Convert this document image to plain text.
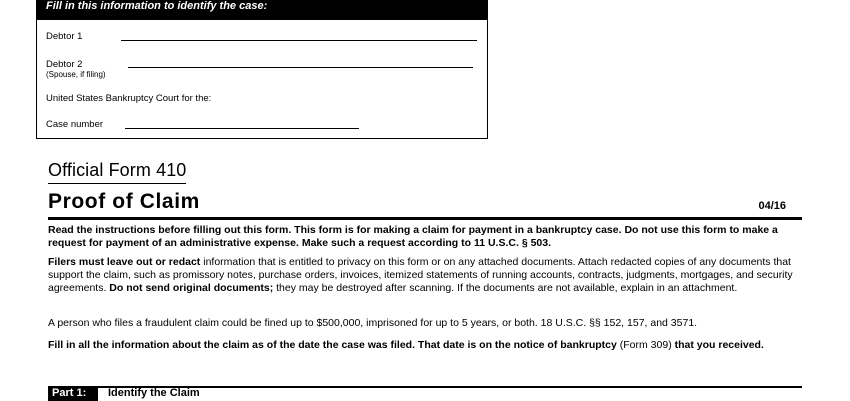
Fill in this information to identify the case:
Debtor 1
Debtor 2
(Spouse, if filing)
United States Bankruptcy Court for the:
Case number
Official Form 410
Proof of Claim	04/16
Read the instructions before filling out this form. This form is for making a claim for payment in a bankruptcy case. Do not use this form to make a request for payment of an administrative expense. Make such a request according to 11 U.S.C. § 503.
Filers must leave out or redact information that is entitled to privacy on this form or on any attached documents. Attach redacted copies of any documents that support the claim, such as promissory notes, purchase orders, invoices, itemized statements of running accounts, contracts, judgments, mortgages, and security agreements. Do not send original documents; they may be destroyed after scanning. If the documents are not available, explain in an attachment.
A person who files a fraudulent claim could be fined up to $500,000, imprisoned for up to 5 years, or both. 18 U.S.C. §§ 152, 157, and 3571.
Fill in all the information about the claim as of the date the case was filed. That date is on the notice of bankruptcy (Form 309) that you received.
Part 1:	Identify the Claim
